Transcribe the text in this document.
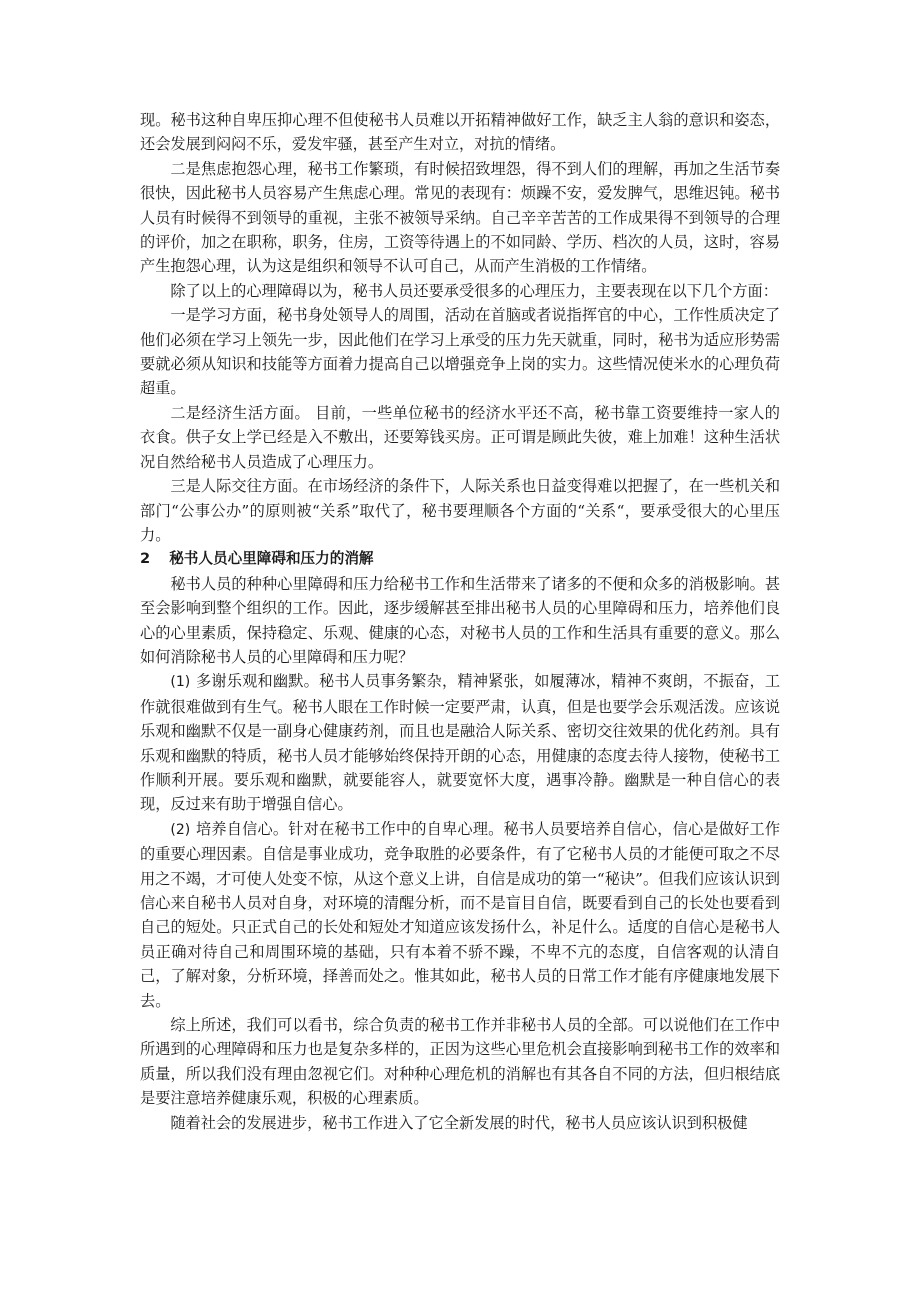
现。秘书这种自卑压抑心理不但使秘书人员难以开拓精神做好工作，缺乏主人翁的意识和姿态，还会发展到闷闷不乐，爱发牢骚，甚至产生对立，对抗的情绪。

二是焦虑抱怨心理，秘书工作繁琐，有时候招致埋怨，得不到人们的理解，再加之生活节奏很快，因此秘书人员容易产生焦虑心理。常见的表现有：烦躁不安，爱发脾气，思维迟钝。秘书人员有时候得不到领导的重视，主张不被领导采纳。自己辛辛苦苦的工作成果得不到领导的合理的评价，加之在职称，职务，住房，工资等待遇上的不如同龄、学历、档次的人员，这时，容易产生抱怨心理，认为这是组织和领导不认可自己，从而产生消极的工作情绪。

除了以上的心理障碍以为，秘书人员还要承受很多的心理压力，主要表现在以下几个方面：

一是学习方面，秘书身处领导人的周围，活动在首脑或者说指挥官的中心，工作性质决定了他们必须在学习上领先一步，因此他们在学习上承受的压力先天就重，同时，秘书为适应形势需要就必须从知识和技能等方面着力提高自己以增强竞争上岗的实力。这些情况使米水的心理负荷超重。

二是经济生活方面。 目前，一些单位秘书的经济水平还不高，秘书靠工资要维持一家人的衣食。供子女上学已经是入不敷出，还要筹钱买房。正可谓是顾此失彼，难上加难！这种生活状况自然给秘书人员造成了心理压力。

三是人际交往方面。在市场经济的条件下，人际关系也日益变得难以把握了，在一些机关和部门“公事公办”的原则被“关系”取代了，秘书要理顺各个方面的“关系“，要承受很大的心里压力。

2 秘书人员心里障碍和压力的消解

秘书人员的种种心里障碍和压力给秘书工作和生活带来了诸多的不便和众多的消极影响。甚至会影响到整个组织的工作。因此，逐步缓解甚至排出秘书人员的心里障碍和压力，培养他们良心的心里素质，保持稳定、乐观、健康的心态，对秘书人员的工作和生活具有重要的意义。那么如何消除秘书人员的心里障碍和压力呢？

(1) 多谢乐观和幽默。秘书人员事务繁杂，精神紧张，如履薄冰，精神不爽朗，不振奋，工作就很难做到有生气。秘书人眼在工作时候一定要严肃，认真，但是也要学会乐观活泼。应该说乐观和幽默不仅是一副身心健康药剂，而且也是融洽人际关系、密切交往效果的优化药剂。具有乐观和幽默的特质，秘书人员才能够始终保持开朗的心态，用健康的态度去待人接物，使秘书工作顺利开展。要乐观和幽默，就要能容人，就要宽怀大度，遇事冷静。幽默是一种自信心的表现，反过来有助于增强自信心。

(2) 培养自信心。针对在秘书工作中的自卑心理。秘书人员要培养自信心，信心是做好工作的重要心理因素。自信是事业成功，竞争取胜的必要条件，有了它秘书人员的才能便可取之不尽用之不竭，才可使人处变不惊，从这个意义上讲，自信是成功的第一“秘诀”。但我们应该认识到信心来自秘书人员对自身，对环境的清醒分析，而不是盲目自信，既要看到自己的长处也要看到自己的短处。只正式自己的长处和短处才知道应该发扬什么，补足什么。适度的自信心是秘书人员正确对待自己和周围环境的基础，只有本着不骄不躁，不卑不亢的态度，自信客观的认清自己，了解对象，分析环境，择善而处之。惟其如此，秘书人员的日常工作才能有序健康地发展下去。

综上所述，我们可以看书，综合负责的秘书工作并非秘书人员的全部。可以说他们在工作中所遇到的心理障碍和压力也是复杂多样的，正因为这些心里危机会直接影响到秘书工作的效率和质量，所以我们没有理由忽视它们。对种种心理危机的消解也有其各自不同的方法，但归根结底是要注意培养健康乐观，积极的心理素质。

随着社会的发展进步，秘书工作进入了它全新发展的时代，秘书人员应该认识到积极健
